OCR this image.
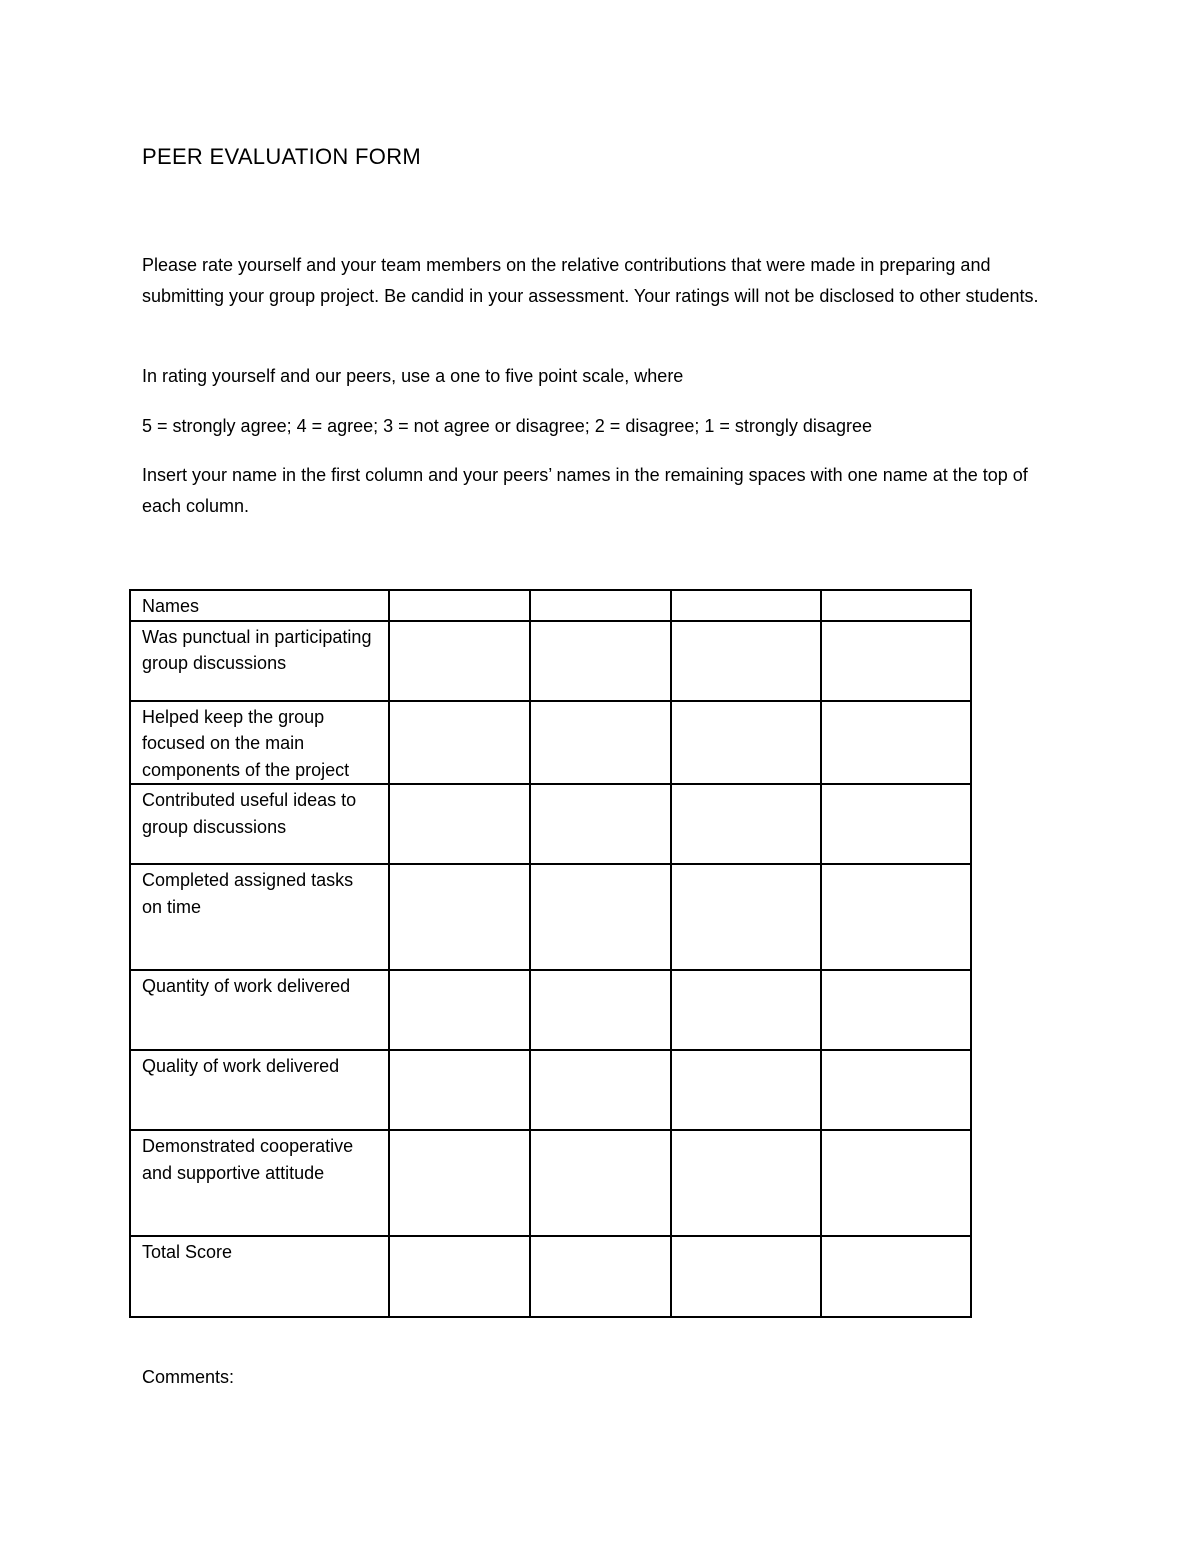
PEER EVALUATION FORM

Please rate yourself and your team members on the relative contributions that were made in preparing and submitting your group project. Be candid in your assessment. Your ratings will not be disclosed to other students.

In rating yourself and our peers, use a one to five point scale, where

5 = strongly agree; 4 = agree; 3 = not agree or disagree; 2 = disagree; 1 = strongly disagree

Insert your name in the first column and your peers’ names in the remaining spaces with one name at the top of each column.

Names				
Was punctual in participating group discussions				
Helped keep the group focused on the main components of the project				
Contributed useful ideas to group discussions				
Completed assigned tasks on time				
Quantity of work delivered				
Quality of work delivered				
Demonstrated cooperative and supportive attitude				
Total Score				

Comments:
